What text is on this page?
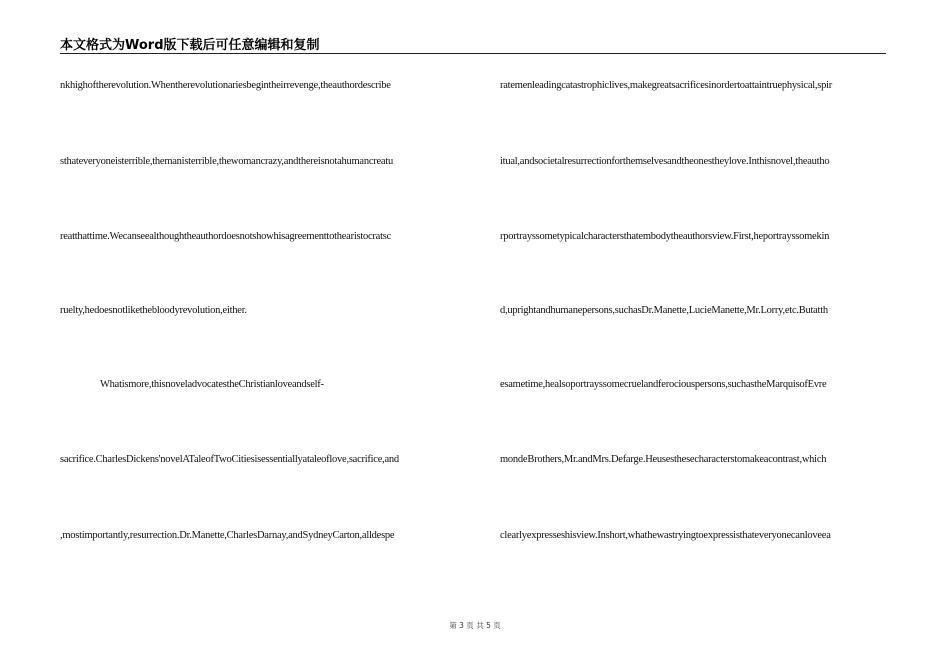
本文格式为Word版下载后可任意编辑和复制
nkhighoftherevolution.Whentherevolutionariesbegintheirrevenge,theauthordescribe
sthateveryoneisterrible,themanisterrible,thewomancrazy,andthereisnotahumancreatu
reatthattime.Wecanseealthoughtheauthordoesnotshowhisagreementtothearistocratsc
ruelty,hedoesnotlikethebloodyrevolution,either.
Whatismore,thisnoveladvocatestheChristianloveandself-
sacrifice.CharlesDickens'novelATaleofTwoCitiesisessentiallyataleoflove,sacrifice,and
,mostimportantly,resurrection.Dr.Manette,CharlesDarnay,andSydneyCarton,alldespe
ratemenleadingcatastrophiclives,makegreatsacrificesinordertoattaintruephysical,spir
itual,andsocietalresurrectionforthemselvesandtheonestheylove.Inthisnovel,theautho
rportrayssometypicalcharactersthatembodytheauthorsview.First,heportrayssomekin
d,uprightandhumanepersons,suchasDr.Manette,LucieManette,Mr.Lorry,etc.Butatth
esametime,healsoportrayssomecruelandferociouspersons,suchastheMarquisofEvre
mondeBrothers,Mr.andMrs.Defarge.Heusesthesecharacterstomakeacontrast,which
clearlyexpresseshisview.Inshort,whathewastryingtoexpressisthateveryonecanloveea
第 3 页 共 5 页
